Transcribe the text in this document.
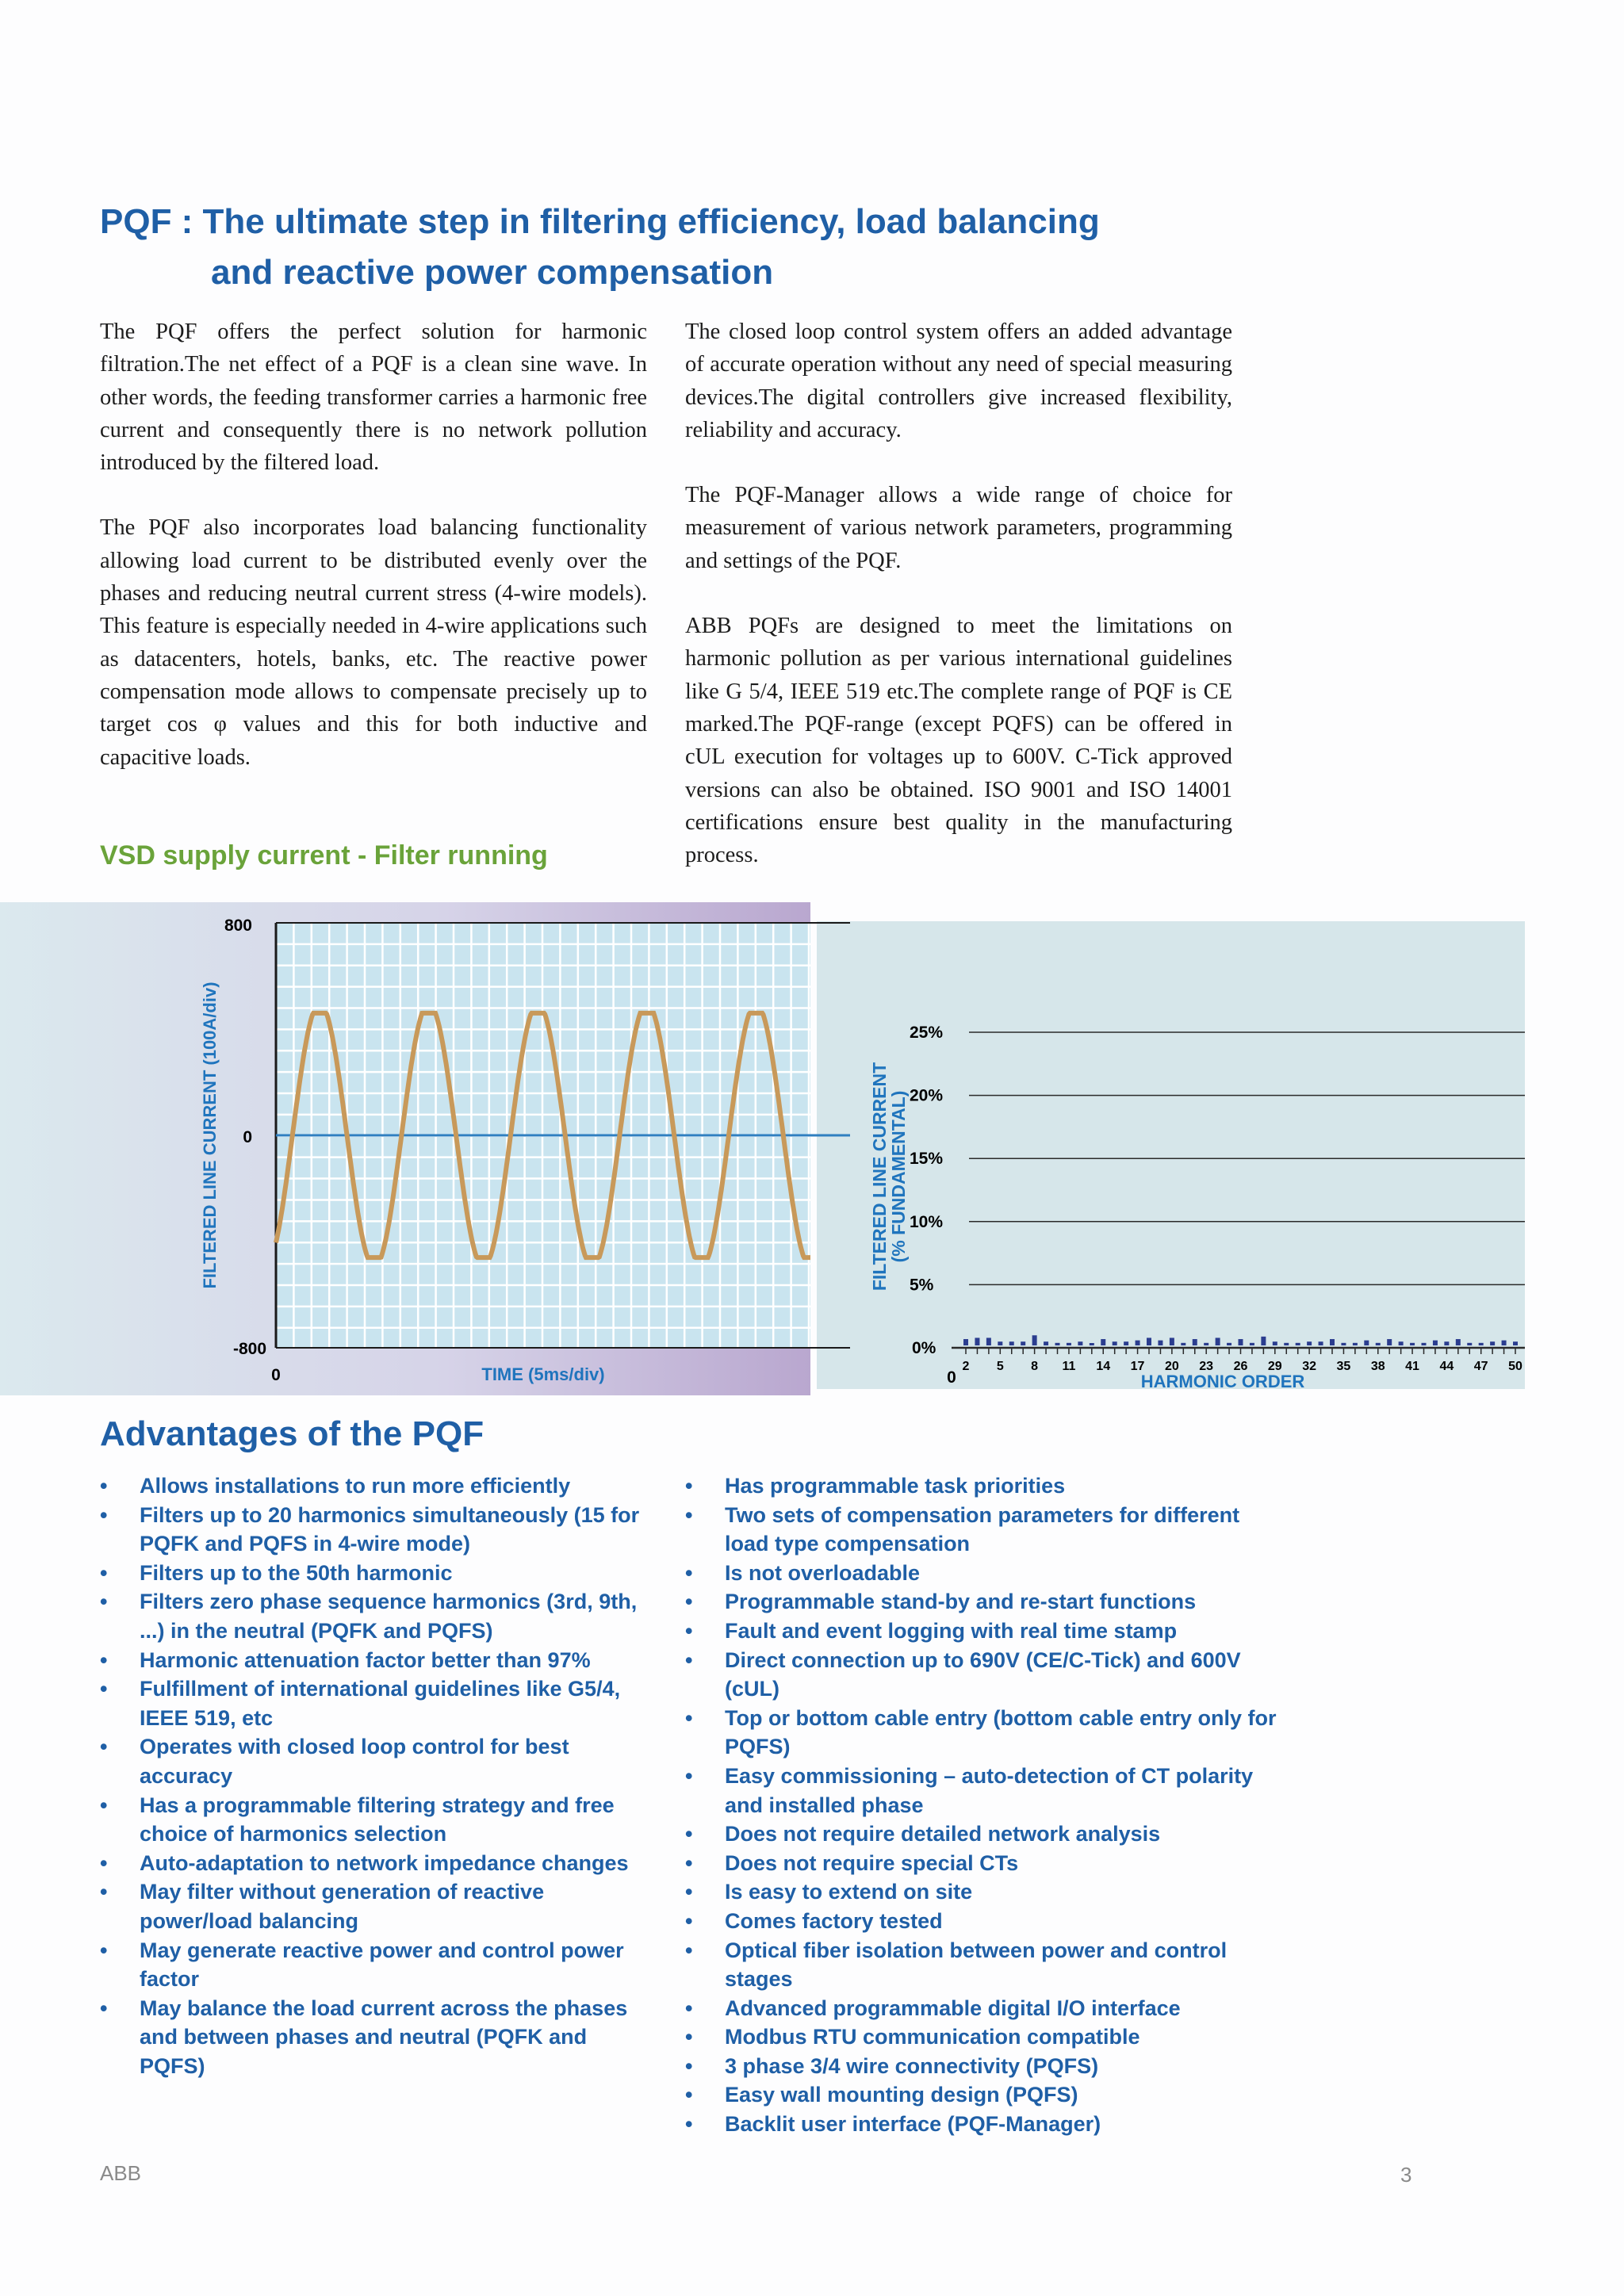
PQF : The ultimate step in filtering efficiency, load balancing
and reactive power compensation

The PQF offers the perfect solution for harmonic filtration.The net effect of a PQF is a clean sine wave. In other words, the feeding transformer carries a harmonic free current and consequently there is no network pollution introduced by the filtered load.

The PQF also incorporates load balancing functionality allowing load current to be distributed evenly over the phases and reducing neutral current stress (4-wire models). This feature is especially needed in 4-wire applications such as datacenters, hotels, banks, etc. The reactive power compensation mode allows to compensate precisely up to target cos φ values and this for both inductive and capacitive loads.

The closed loop control system offers an added advantage of accurate operation without any need of special measuring devices.The digital controllers give increased flexibility, reliability and accuracy.

The PQF-Manager allows a wide range of choice for measurement of various network parameters, programming and settings of the PQF.

ABB PQFs are designed to meet the limitations on harmonic pollution as per various international guidelines like G 5/4, IEEE 519 etc.The complete range of PQF is CE marked.The PQF-range (except PQFS) can be offered in cUL execution for voltages up to 600V. C-Tick approved versions can also be obtained. ISO 9001 and ISO 14001 certifications ensure best quality in the manufacturing process.

VSD supply current - Filter running
800
0
-800
0	TIME (5ms/div)
FILTERED LINE CURRENT (100A/div)
0%
5%
10%
15%
20%
25%
2 5 8 11 14 17 20 23 26 29 32 35 38 41 44 47 50
0	HARMONIC ORDER
FILTERED LINE CURRENT
(% FUNDAMENTAL)
Advantages of the PQF
• Allows installations to run more efficiently
• Filters up to 20 harmonics simultaneously (15 for PQFK and PQFS in 4-wire mode)
• Filters up to the 50th harmonic
• Filters zero phase sequence harmonics (3rd, 9th, ...) in the neutral (PQFK and PQFS)
• Harmonic attenuation factor better than 97%
• Fulfillment of international guidelines like G5/4, IEEE 519, etc
• Operates with closed loop control for best accuracy
• Has a programmable filtering strategy and free choice of harmonics selection
• Auto-adaptation to network impedance changes
• May filter without generation of reactive power/load balancing
• May generate reactive power and control power factor
• May balance the load current across the phases and between phases and neutral (PQFK and PQFS)
• Has programmable task priorities
• Two sets of compensation parameters for different load type compensation
• Is not overloadable
• Programmable stand-by and re-start functions
• Fault and event logging with real time stamp
• Direct connection up to 690V (CE/C-Tick) and 600V (cUL)
• Top or bottom cable entry (bottom cable entry only for PQFS)
• Easy commissioning – auto-detection of CT polarity and installed phase
• Does not require detailed network analysis
• Does not require special CTs
• Is easy to extend on site
• Comes factory tested
• Optical fiber isolation between power and control stages
• Advanced programmable digital I/O interface
• Modbus RTU communication compatible
• 3 phase 3/4 wire connectivity (PQFS)
• Easy wall mounting design (PQFS)
• Backlit user interface (PQF-Manager)
ABB	3
